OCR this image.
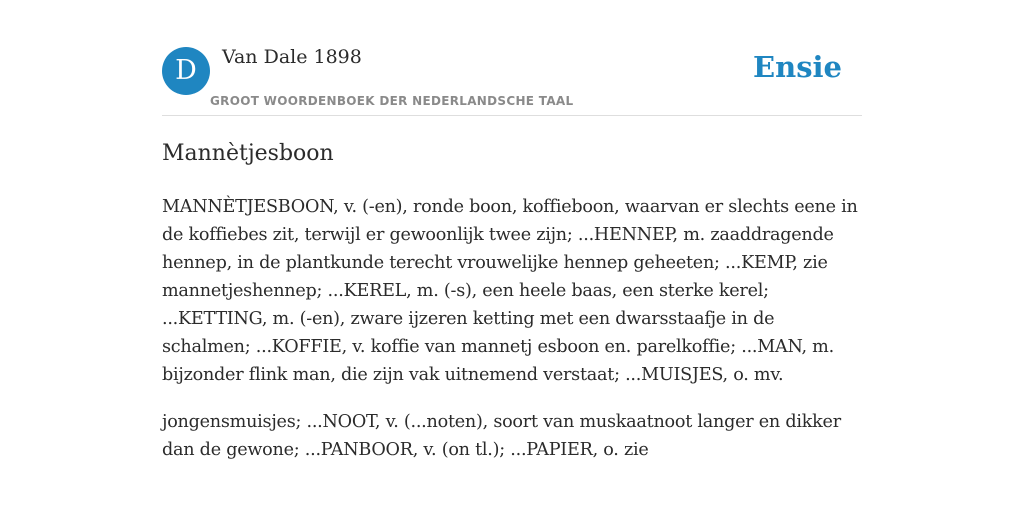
D	Van Dale 1898
GROOT WOORDENBOEK DER NEDERLANDSCHE TAAL
Ensie
Mannètjesboon

MANNÈTJESBOON, v. (-en), ronde boon, koffieboon, waarvan er slechts eene in de koffiebes zit, terwijl er gewoonlijk twee zijn; ...HENNEP, m. zaaddragende hennep, in de plantkunde terecht vrouwelijke hennep geheeten; ...KEMP, zie mannetjeshennep; ...KEREL, m. (-s), een heele baas, een sterke kerel; ...KETTING, m. (-en), zware ijzeren ketting met een dwarsstaafje in de schalmen; ...KOFFIE, v. koffie van mannetj esboon en. parelkoffie; ...MAN, m. bijzonder flink man, die zijn vak uitnemend verstaat; ...MUISJES, o. mv.

jongensmuisjes; ...NOOT, v. (...noten), soort van muskaatnoot langer en dikker dan de gewone; ...PANBOOR, v. (on tl.); ...PAPIER, o. zie
